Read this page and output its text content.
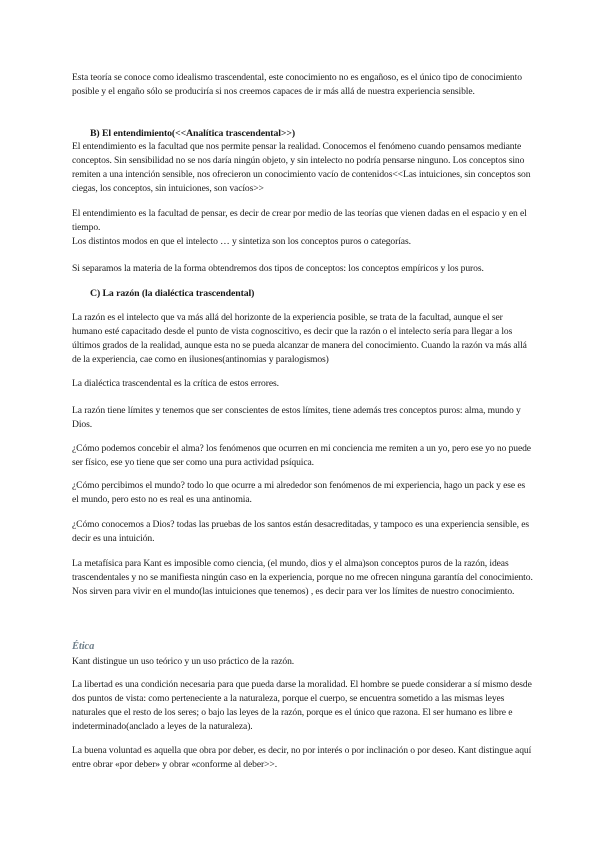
Esta teoría se conoce como idealismo trascendental, este conocimiento no es engañoso, es el único tipo de conocimiento posible y el engaño sólo se produciría si nos creemos capaces de ir más allá de nuestra experiencia sensible.

B) El entendimiento(<<Analítica trascendental>>)

El entendimiento es la facultad que nos permite pensar la realidad. Conocemos el fenómeno cuando pensamos mediante conceptos. Sin sensibilidad no se nos daría ningún objeto, y sin intelecto no podría pensarse ninguno. Los conceptos sino remiten a una intención sensible, nos ofrecieron un conocimiento vacío de contenidos<<Las intuiciones, sin conceptos son ciegas, los conceptos, sin intuiciones, son vacíos>>

El entendimiento es la facultad de pensar, es decir de crear por medio de las teorías que vienen dadas en el espacio y en el tiempo.

Los distintos modos en que el intelecto … y sintetiza son los conceptos puros o categorías.

Si separamos la materia de la forma obtendremos dos tipos de conceptos: los conceptos empíricos y los puros.

C) La razón (la dialéctica trascendental)

La razón es el intelecto que va más allá del horizonte de la experiencia posible, se trata de la facultad, aunque el ser humano esté capacitado desde el punto de vista cognoscitivo, es decir que la razón o el intelecto sería para llegar a los últimos grados de la realidad, aunque esta no se pueda alcanzar de manera del conocimiento. Cuando la razón va más allá de la experiencia, cae como en ilusiones(antinomias y paralogismos)

La dialéctica trascendental es la crítica de estos errores.

La razón tiene límites y tenemos que ser conscientes de estos límites, tiene además tres conceptos puros: alma, mundo y Dios.

¿Cómo podemos concebir el alma? los fenómenos que ocurren en mi conciencia me remiten a un yo, pero ese yo no puede ser físico, ese yo tiene que ser como una pura actividad psíquica.

¿Cómo percibimos el mundo? todo lo que ocurre a mi alrededor son fenómenos de mi experiencia, hago un pack y ese es el mundo, pero esto no es real es una antinomia.

¿Cómo conocemos a Dios? todas las pruebas de los santos están desacreditadas, y tampoco es una experiencia sensible, es decir es una intuición.

La metafísica para Kant es imposible como ciencia, (el mundo, dios y el alma)son conceptos puros de la razón, ideas trascendentales y no se manifiesta ningún caso en la experiencia, porque no me ofrecen ninguna garantía del conocimiento. Nos sirven para vivir en el mundo(las intuiciones que tenemos) , es decir para ver los límites de nuestro conocimiento.

Ética

Kant distingue un uso teórico y un uso práctico de la razón.

La libertad es una condición necesaria para que pueda darse la moralidad. El hombre se puede considerar a sí mismo desde dos puntos de vista: como perteneciente a la naturaleza, porque el cuerpo, se encuentra sometido a las mismas leyes naturales que el resto de los seres; o bajo las leyes de la razón, porque es el único que razona. El ser humano es libre e indeterminado(anclado a leyes de la naturaleza).

La buena voluntad es aquella que obra por deber, es decir, no por interés o por inclinación o por deseo. Kant distingue aquí entre obrar «por deber» y obrar «conforme al deber>>.
